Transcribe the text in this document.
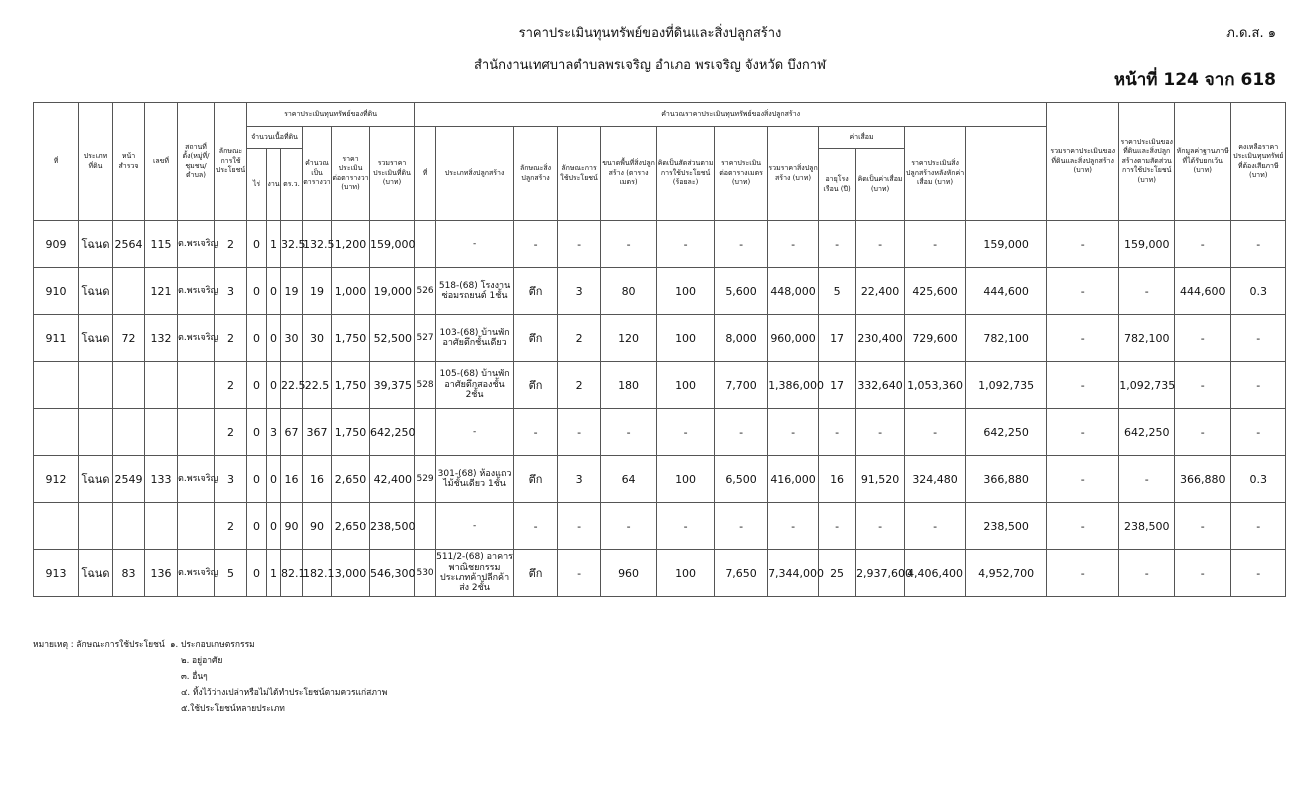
ราคาประเมินทุนทรัพย์ของที่ดินและสิ่งปลูกสร้าง
สำนักงานเทศบาลตำบลพรเจริญ อำเภอ พรเจริญ จังหวัด บึงกาฬ
ภ.ด.ส. ๑
หน้าที่ 124 จาก 618
ที่	ประเภทที่ดิน	หน้าสำรวจ	เลขที่	สถานที่ตั้ง(หมู่ที่/ชุมชน/ตำบล)	ลักษณะการใช้ประโยชน์	ราคาประเมินทุนทรัพย์ของที่ดิน						คำนวณราคาประเมินทุนทรัพย์ของสิ่งปลูกสร้าง												รวมราคาประเมินของที่ดินและสิ่งปลูกสร้าง (บาท)	ราคาประเมินของที่ดินและสิ่งปลูกสร้างตามสัดส่วนการใช้ประโยชน์ (บาท)	หักมูลค่าฐานภาษีที่ได้รับยกเว้น (บาท)	คงเหลือราคาประเมินทุนทรัพย์ที่ต้องเสียภาษี (บาท)	
						จำนวนเนื้อที่ดิน			คำนวณเป็นตารางวา	ราคาประเมินต่อตารางวา (บาท)	รวมราคาประเมินที่ดิน (บาท)	ที่	ประเภทสิ่งปลูกสร้าง	ลักษณะสิ่งปลูกสร้าง	ลักษณะการใช้ประโยชน์	ขนาดพื้นที่สิ่งปลูกสร้าง (ตารางเมตร)	คิดเป็นสัดส่วนตามการใช้ประโยชน์ (ร้อยละ)	ราคาประเมินต่อตารางเมตร (บาท)	รวมราคาสิ่งปลูกสร้าง (บาท)	ค่าเสื่อม		ราคาประเมินสิ่งปลูกสร้างหลังหักค่าเสื่อม (บาท)						
						ไร่	งาน	ตร.ว.												อายุโรงเรือน (ปี)	คิดเป็นค่าเสื่อม (บาท)							
909	โฉนด	2564	115	ต.พรเจริญ	2	0	1	32.5	132.5	1,200	159,000		-	-	-	-	-	-	-	-	-	-	159,000	-	159,000	-	-	
910	โฉนด		121	ต.พรเจริญ	3	0	0	19	19	1,000	19,000	526	518-(68) โรงงานซ่อมรถยนต์ 1ชั้น	ตึก	3	80	100	5,600	448,000	5	22,400	425,600	444,600	-	-	444,600	0.3	
911	โฉนด	72	132	ต.พรเจริญ	2	0	0	30	30	1,750	52,500	527	103-(68) บ้านพักอาศัยตึกชั้นเดียว	ตึก	2	120	100	8,000	960,000	17	230,400	729,600	782,100	-	782,100	-	-	
					2	0	0	22.5	22.5	1,750	39,375	528	105-(68) บ้านพักอาศัยตึกสองชั้น 2ชั้น	ตึก	2	180	100	7,700	1,386,000	17	332,640	1,053,360	1,092,735	-	1,092,735	-	-	
					2	0	3	67	367	1,750	642,250		-	-	-	-	-	-	-	-	-	-	642,250	-	642,250	-	-	
912	โฉนด	2549	133	ต.พรเจริญ	3	0	0	16	16	2,650	42,400	529	301-(68) ห้องแถว ไม้ชั้นเดียว 1ชั้น	ตึก	3	64	100	6,500	416,000	16	91,520	324,480	366,880	-	-	366,880	0.3	
					2	0	0	90	90	2,650	238,500		-	-	-	-	-	-	-	-	-	-	238,500	-	238,500	-	-	
913	โฉนด	83	136	ต.พรเจริญ	5	0	1	82.1	182.1	3,000	546,300	530	511/2-(68) อาคารพาณิชยกรรม ประเภทค้าปลีกค้าส่ง 2ชั้น	ตึก	-	960	100	7,650	7,344,000	25	2,937,600	4,406,400	4,952,700	-	-	-	-	
หมายเหตุ : ลักษณะการใช้ประโยชน์ ๑. ประกอบเกษตรกรรม
๒. อยู่อาศัย
๓. อื่นๆ
๔. ทิ้งไว้ว่างเปล่าหรือไม่ได้ทำประโยชน์ตามควรแก่สภาพ
๕.ใช้ประโยชน์หลายประเภท
